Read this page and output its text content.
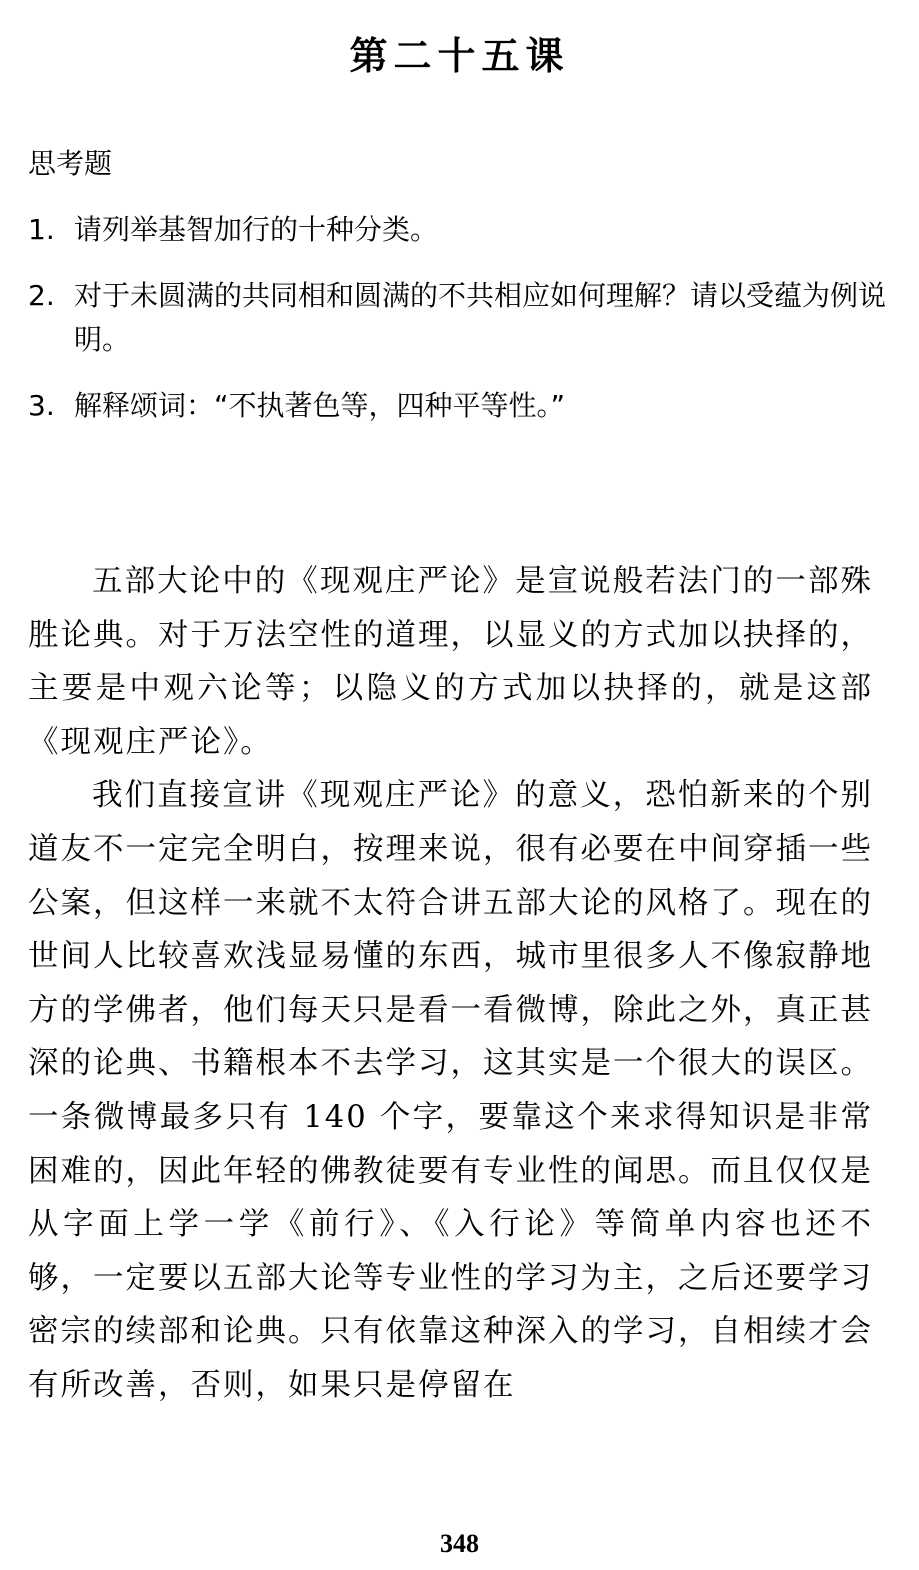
第二十五课
思考题
1. 请列举基智加行的十种分类。
2. 对于未圆满的共同相和圆满的不共相应如何理解？请以受蕴为例说明。
3. 解释颂词：“不执著色等，四种平等性。”

五部大论中的《现观庄严论》是宣说般若法门的一部殊胜论典。对于万法空性的道理，以显义的方式加以抉择的，主要是中观六论等；以隐义的方式加以抉择的，就是这部《现观庄严论》。

我们直接宣讲《现观庄严论》的意义，恐怕新来的个别道友不一定完全明白，按理来说，很有必要在中间穿插一些公案，但这样一来就不太符合讲五部大论的风格了。现在的世间人比较喜欢浅显易懂的东西，城市里很多人不像寂静地方的学佛者，他们每天只是看一看微博，除此之外，真正甚深的论典、书籍根本不去学习，这其实是一个很大的误区。一条微博最多只有 140 个字，要靠这个来求得知识是非常困难的，因此年轻的佛教徒要有专业性的闻思。而且仅仅是从字面上学一学《前行》、《入行论》等简单内容也还不够，一定要以五部大论等专业性的学习为主，之后还要学习密宗的续部和论典。只有依靠这种深入的学习，自相续才会有所改善，否则，如果只是停留在

348
